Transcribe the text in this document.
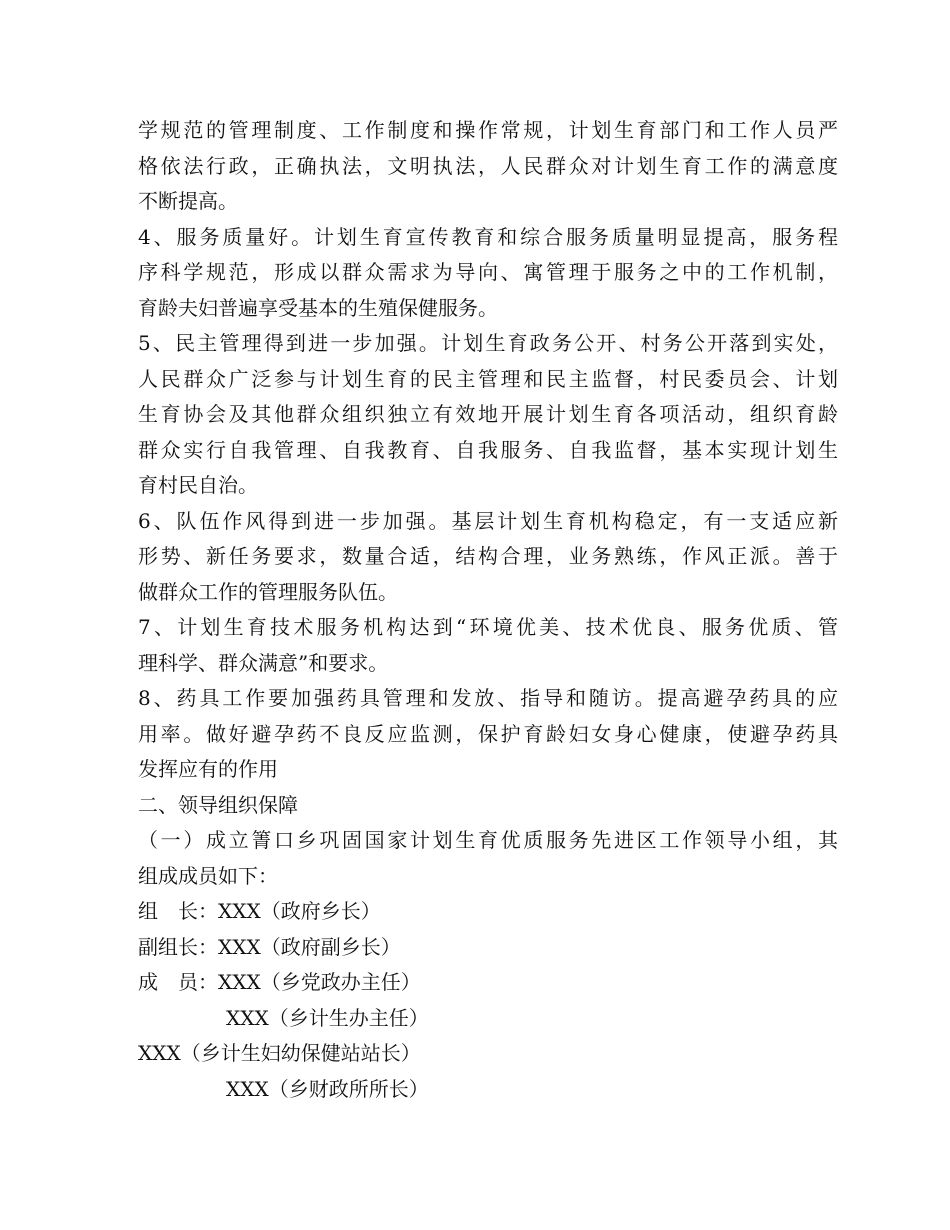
学规范的管理制度、工作制度和操作常规，计划生育部门和工作人员严
格依法行政，正确执法，文明执法，人民群众对计划生育工作的满意度
不断提高。

4、服务质量好。计划生育宣传教育和综合服务质量明显提高，服务程
序科学规范，形成以群众需求为导向、寓管理于服务之中的工作机制，
育龄夫妇普遍享受基本的生殖保健服务。

5、民主管理得到进一步加强。计划生育政务公开、村务公开落到实处，
人民群众广泛参与计划生育的民主管理和民主监督，村民委员会、计划
生育协会及其他群众组织独立有效地开展计划生育各项活动，组织育龄
群众实行自我管理、自我教育、自我服务、自我监督，基本实现计划生
育村民自治。

6、队伍作风得到进一步加强。基层计划生育机构稳定，有一支适应新
形势、新任务要求，数量合适，结构合理，业务熟练，作风正派。善于
做群众工作的管理服务队伍。

7、计划生育技术服务机构达到“环境优美、技术优良、服务优质、管
理科学、群众满意”和要求。

8、药具工作要加强药具管理和发放、指导和随访。提高避孕药具的应
用率。做好避孕药不良反应监测，保护育龄妇女身心健康，使避孕药具
发挥应有的作用

二、领导组织保障

（一）成立箐口乡巩固国家计划生育优质服务先进区工作领导小组，其
组成成员如下：

组　长：XXX（政府乡长）
副组长：XXX（政府副乡长）
成　员：XXX（乡党政办主任）
XXX（乡计生办主任）
XXX（乡计生妇幼保健站站长）
XXX（乡财政所所长）
